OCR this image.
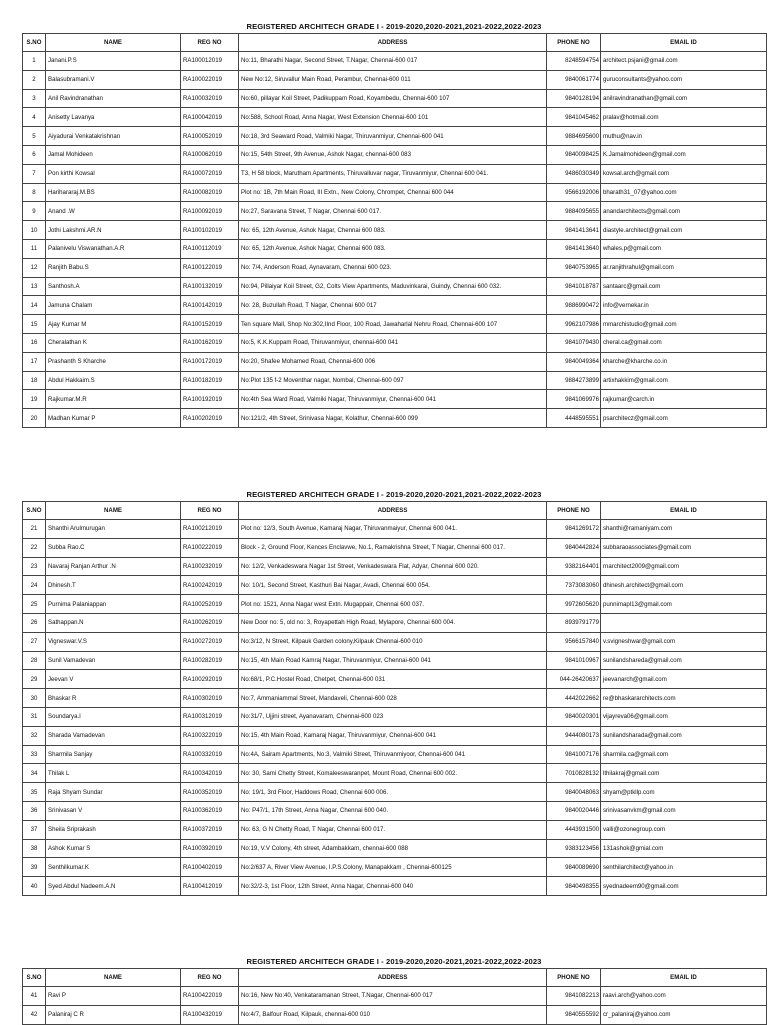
REGISTERED ARCHITECH GRADE I - 2019-2020,2020-2021,2021-2022,2022-2023
S.NO	NAME	REG NO	ADDRESS	PHONE NO	EMAIL ID
1	Janani.P.S	RA100012019	No:11, Bharathi Nagar, Second Street, T.Nagar, Chennai-600 017	8248594754	architect.psjani@gmail.com
2	Balasubramani.V	RA100022019	New No:12, Siruvallur Main Road, Perambur, Chennai-600 011	9840061774	guruconsultants@yahoo.com
3	Anil Ravindranathan	RA100032019	No:60, pillayar Koil Street, Padikuppam Road, Koyambedu, Chennai-600 107	9840128194	anilravindranathan@gmail.com
4	Anisetty Lavanya	RA100042019	No:588, School Road, Anna Nagar, West Extension Chennai-600 101	9841045462	pralav@hotmail.com
5	Aiyadurai Venkatakrishnan	RA100052019	No:18, 3rd Seaward Road, Valmiki Nagar, Thiruvanmiyur, Chennai-600 041	9884695600	muthu@nav.in
6	Jamal Mohideen	RA100062019	No:15, 54th Street, 9th Avenue, Ashok Nagar, chennai-600 083	9840098425	K.Jamalmohideen@gmail.com
7	Pon kirthi Kowsal	RA100072019	T3, H 58 block, Marutham Apartments, Thiruvalluvar nagar, Tiruvanmiyur, Chennai 600 041.	9486030349	kowsal.arch@gmail.com
8	Harihararaj.M.BS	RA100082019	Plot no: 1B, 7th Main Road, III Extn., New Colony, Chrompet, Chennai 600 044	9566192006	bharath31_07@yahoo.com
9	Anand .W	RA100092019	No:27, Saravana Street, T Nagar, Chennai 600 017.	9884095655	anandarchitects@gmail.com
10	Jothi Lakshmi.AR.N	RA100102019	No: 65, 12th Avenue, Ashok Nagar, Chennai 600 083.	9841413641	diastyle.architect@gmail.com
11	Palanivelu Viswanathan.A.R	RA100112019	No: 65, 12th Avenue, Ashok Nagar, Chennai 600 083.	9841413640	whales.p@gmail.com
12	Ranjith Babu.S	RA100122019	No: 7/4, Anderson Road, Aynavaram, Chennai 600 023.	9840753965	ar.ranjithrahul@gmail.com
13	Santhosh.A	RA100132019	No:94, Pillaiyar Koil Street, G2, Colts View Apartments, Maduvinkarai, Guindy, Chennai 600 032.	9841018787	santaarc@gmail.com
14	Jamuna Chalam	RA100142019	No: 28, Buzullah Road, T Nagar, Chennai 600 017	9886990472	info@vernekar.in
15	Ajay Kumar M	RA100152019	Ten square Mall, Shop No:302,IInd Floor, 100 Road, Jawaharlal Nehru Road, Chennai-600 107	9962107986	mmarchistudio@gmail.com
16	Cheralathan K	RA100162019	No:5, K.K.Kuppam Road, Thiruvanmiyur, chennai-600 041	9841079430	cheral.ca@gmail.com
17	Prashanth S Kharche	RA100172019	No:20, Shafee Mohamed Road, Chennai-600 006	9840049364	kharche@kharche.co.in
18	Abdul Hakkaim.S	RA100182019	No:Plot 135 f-2 Moventhar nagar, Nombal, Chennai-600 097	9884273899	artixhakkim@gmail.com
19	Rajkumar.M.R	RA100192019	No:4th Sea Ward Road, Valmiki Nagar, Thiruvanmiyur, Chennai-600 041	9841069976	rajkumar@carch.in
20	Madhan Kumar P	RA100202019	No:121/2, 4th Street, Srinivasa Nagar, Kolathur, Chennai-600 099	4448595551	psarchitecz@gmail.com
REGISTERED ARCHITECH GRADE I - 2019-2020,2020-2021,2021-2022,2022-2023
S.NO	NAME	REG NO	ADDRESS	PHONE NO	EMAIL ID
21	Shanthi Arulmurugan	RA100212019	Plot no: 12/3, South Avenue, Kamaraj Nagar, Thiruvanmaiyur, Chennai 600 041.	9841269172	shanthi@ramaniyam.com
22	Subba Rao.C	RA100222019	Block - 2, Ground Floor, Kences Enclavwe, No.1, Ramakrishna Street, T Nagar, Chennai 600 017.	9840442824	subbaraoassociates@gmail.com
23	Navaraj Ranjan Arthur .N	RA100232019	No: 12/2, Venkadeswara Nagar 1st Street, Venkadeswara Flat, Adyar, Chennai 600 020.	9382164401	rnarchitect2009@gmail.com
24	Dhinesh.T	RA100242019	No: 10/1, Second Street, Kasthuri Bai Nagar, Avadi, Chennai 600 054.	7373083060	dhinesh.architect@gmail.com
25	Purnima Palaniappan	RA100252019	Plot no: 1521, Anna Nagar west Extn. Mugappair, Chennai 600 037.	9972605620	punnimapl13@gmail.com
26	Sathappan.N	RA100262019	New Door no: 5, old no: 3, Royapettah High Road, Mylapore, Chennai 600 004.	8939791779	
27	Vigneswar.V.S	RA100272019	No:3/12, N Street, Kilpauk Garden colony,Kilpauk Chennai-600 010	9566157840	v.svigneshwar@gmail.com
28	Sunil Vamadevan	RA100282019	No:15, 4th Main Road Kamraj Nagar, Thiruvanmiyur, Chennai-600 041	9841010967	sunilandshareda@gmail.com
29	Jeevan V	RA100292019	No:68/1, P.C.Hostel Road, Chetpet, Chennai-600 031	044-26420637	jeevanarch@gmail.com
30	Bhaskar R	RA100302019	No:7, Ammaniammal Street, Mandaveli, Chennai-600 028	4442022662	re@bhaskararchitects.com
31	Soundarya.I	RA100312019	No:31/7, Ujjini street, Ayanavaram, Chennai-600 023	9840020301	vijayreva06@gmail.com
32	Sharada Vamadevan	RA100322019	No:15, 4th Main Road, Kamaraj Nagar, Thiruvanmiyur, Chennai-600 041	9444080173	sunilandsharada@gmail.com
33	Sharmila Sanjay	RA100332019	No:4A, Sairam Apartments, No:3, Valmiki Street, Thiruvanmiyoor, Chennai-600 041	9841007176	sharmila.ca@gmail.com
34	Thilak L	RA100342019	No: 30, Sami Chetty Street, Komaleeswaranpet, Mount Road, Chennai 600 002.	7010828132	lthilakraj@gmail.com
35	Raja Shyam Sundar	RA100352019	No: 19/1, 3rd Floor, Haddows Road, Chennai 600 006.	9840048063	shyam@ptkllp.com
36	Srinivasan V	RA100362019	No: P47/1, 17th Street, Anna Nagar, Chennai 600 040.	9840020446	srinivasanvkm@gmail.com
37	Sheila Sriprakash	RA100372019	No: 63, G N Chetty Road, T Nagar, Chennai 600 017.	4443931500	valli@ozonegroup.com
38	Ashok Kumar S	RA100392019	No:19, V.V Colony, 4th street, Adambakkam, chennai-600 088	9383123456	131ashok@gmial.com
39	Senthilkumar.K	RA100402019	No:2/637 A, River View Avenue, I.P.S.Colony, Manapakkam , Chennai-600125	9840089690	senthilarchitect@yahoo.in
40	Syed Abdul Nadeem.A.N	RA100412019	No:32/2-3, 1st Floor, 12th Street, Anna Nagar, Chennai-600 040	9840498355	syednadeem90@gmail.com
REGISTERED ARCHITECH GRADE I - 2019-2020,2020-2021,2021-2022,2022-2023
S.NO	NAME	REG NO	ADDRESS	PHONE NO	EMAIL ID
41	Ravi P	RA100422019	No:16, New No:40, Venkataramanan Street, T.Nagar, Chennai-600 017	9841082213	raavi.arch@yahoo.com
42	Palaniraj C R	RA100432019	No:4/7, Balfour Road, Kilpauk, chennai-600 010	9840555592	cr_palaniraj@yahoo.com
